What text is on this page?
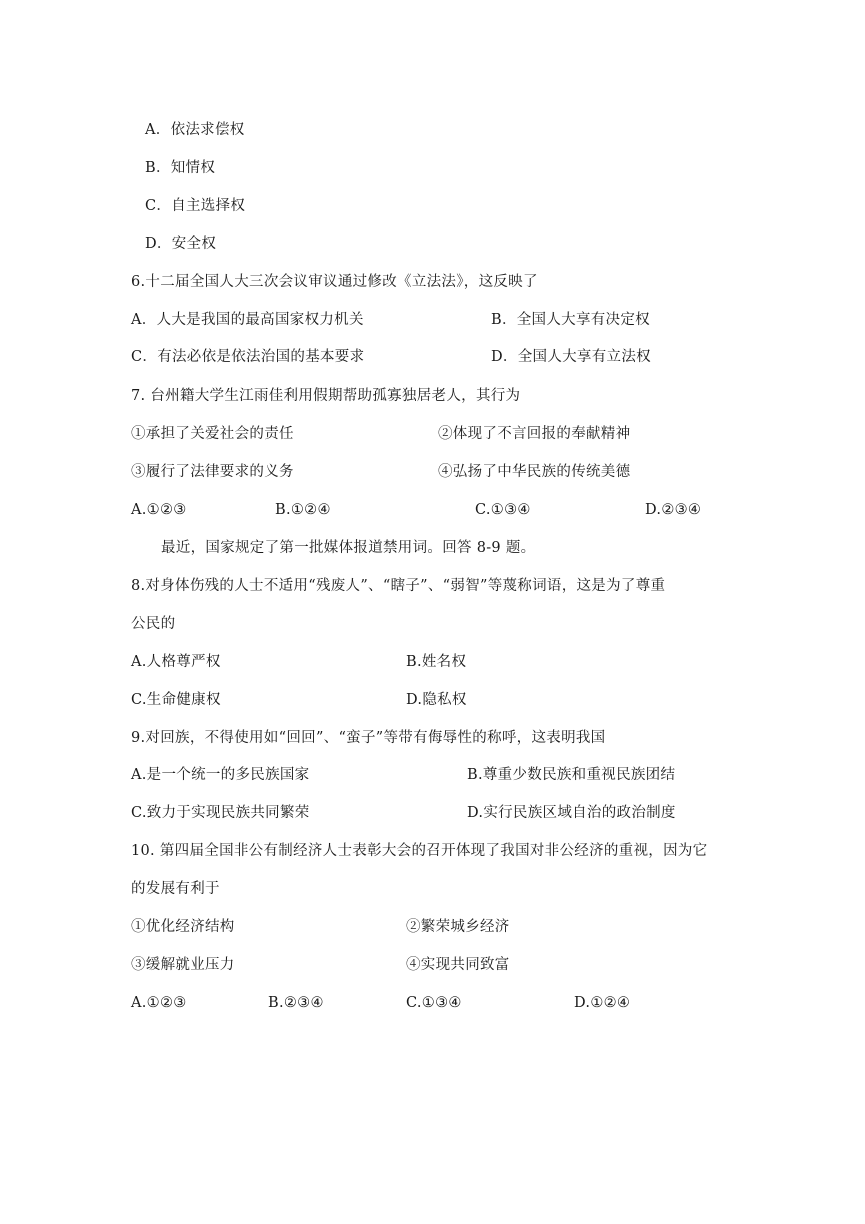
A．依法求偿权
B．知情权
C．自主选择权
D．安全权
6.十二届全国人大三次会议审议通过修改《立法法》，这反映了
A．人大是我国的最高国家权力机关	B．全国人大享有决定权
C．有法必依是依法治国的基本要求	D．全国人大享有立法权
7. 台州籍大学生江雨佳利用假期帮助孤寡独居老人，其行为
①承担了关爱社会的责任	②体现了不言回报的奉献精神
③履行了法律要求的义务	④弘扬了中华民族的传统美德
A.①②③	B.①②④	C.①③④	D.②③④
最近，国家规定了第一批媒体报道禁用词。回答 8-9 题。
8.对身体伤残的人士不适用“残废人”、“瞎子”、“弱智”等蔑称词语，这是为了尊重
公民的
A.人格尊严权	B.姓名权
C.生命健康权	D.隐私权
9.对回族，不得使用如“回回”、“蛮子”等带有侮辱性的称呼，这表明我国
A.是一个统一的多民族国家	B.尊重少数民族和重视民族团结
C.致力于实现民族共同繁荣	D.实行民族区域自治的政治制度
10. 第四届全国非公有制经济人士表彰大会的召开体现了我国对非公经济的重视，因为它
的发展有利于
①优化经济结构	②繁荣城乡经济
③缓解就业压力	④实现共同致富
A.①②③	B.②③④	C.①③④	D.①②④
